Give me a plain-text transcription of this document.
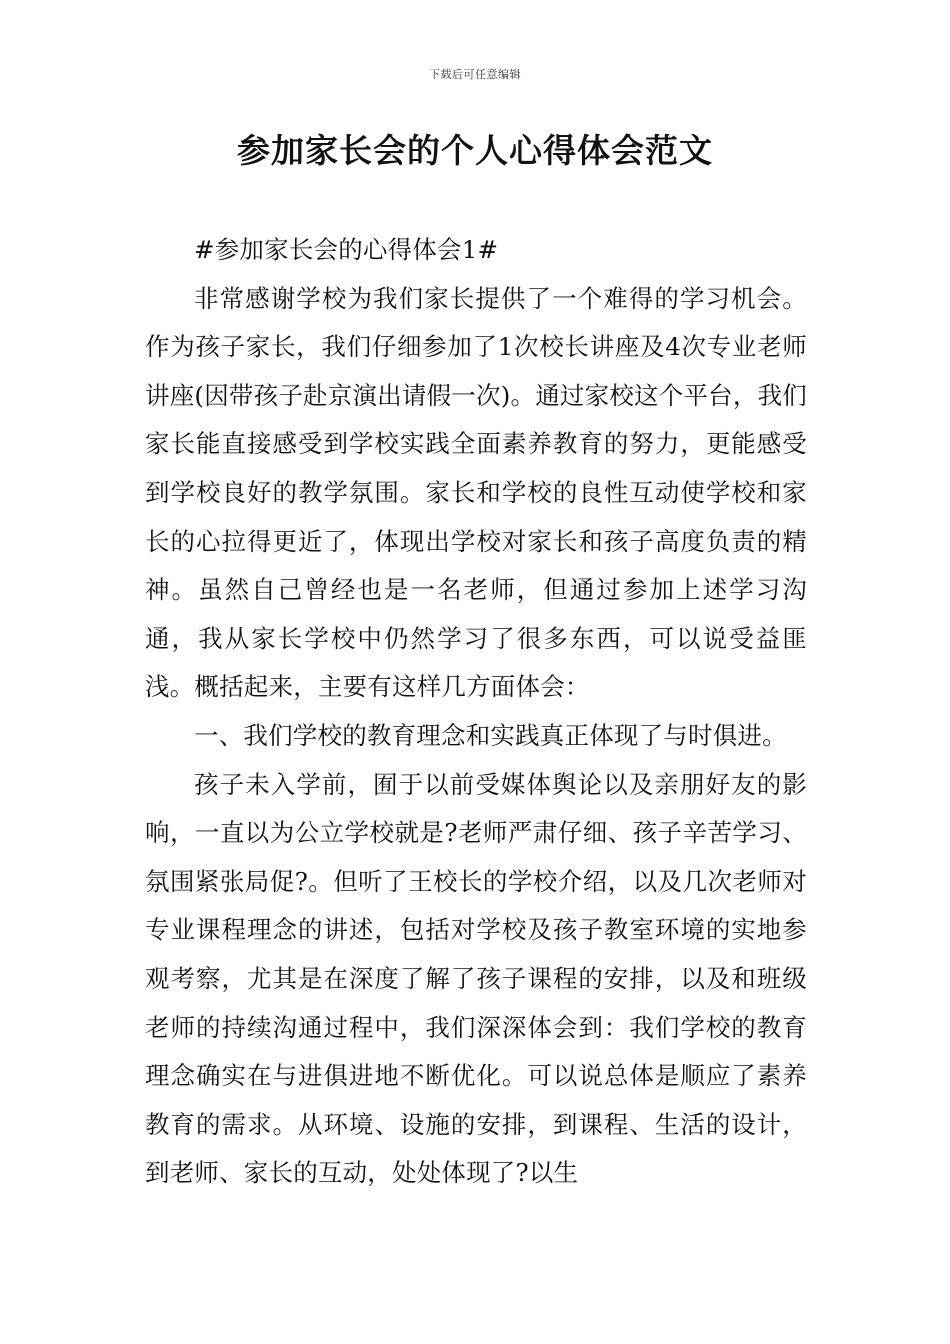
下载后可任意编辑
参加家长会的个人心得体会范文

#参加家长会的心得体会1#

非常感谢学校为我们家长提供了一个难得的学习机会。作为孩子家长，我们仔细参加了1次校长讲座及4次专业老师讲座(因带孩子赴京演出请假一次)。通过家校这个平台，我们家长能直接感受到学校实践全面素养教育的努力，更能感受到学校良好的教学氛围。家长和学校的良性互动使学校和家长的心拉得更近了，体现出学校对家长和孩子高度负责的精神。虽然自己曾经也是一名老师，但通过参加上述学习沟通，我从家长学校中仍然学习了很多东西，可以说受益匪浅。概括起来，主要有这样几方面体会：

一、我们学校的教育理念和实践真正体现了与时俱进。

孩子未入学前，囿于以前受媒体舆论以及亲朋好友的影响，一直以为公立学校就是?老师严肃仔细、孩子辛苦学习、氛围紧张局促?。但听了王校长的学校介绍，以及几次老师对专业课程理念的讲述，包括对学校及孩子教室环境的实地参观考察，尤其是在深度了解了孩子课程的安排，以及和班级老师的持续沟通过程中，我们深深体会到：我们学校的教育理念确实在与进俱进地不断优化。可以说总体是顺应了素养教育的需求。从环境、设施的安排，到课程、生活的设计，到老师、家长的互动，处处体现了?以生
